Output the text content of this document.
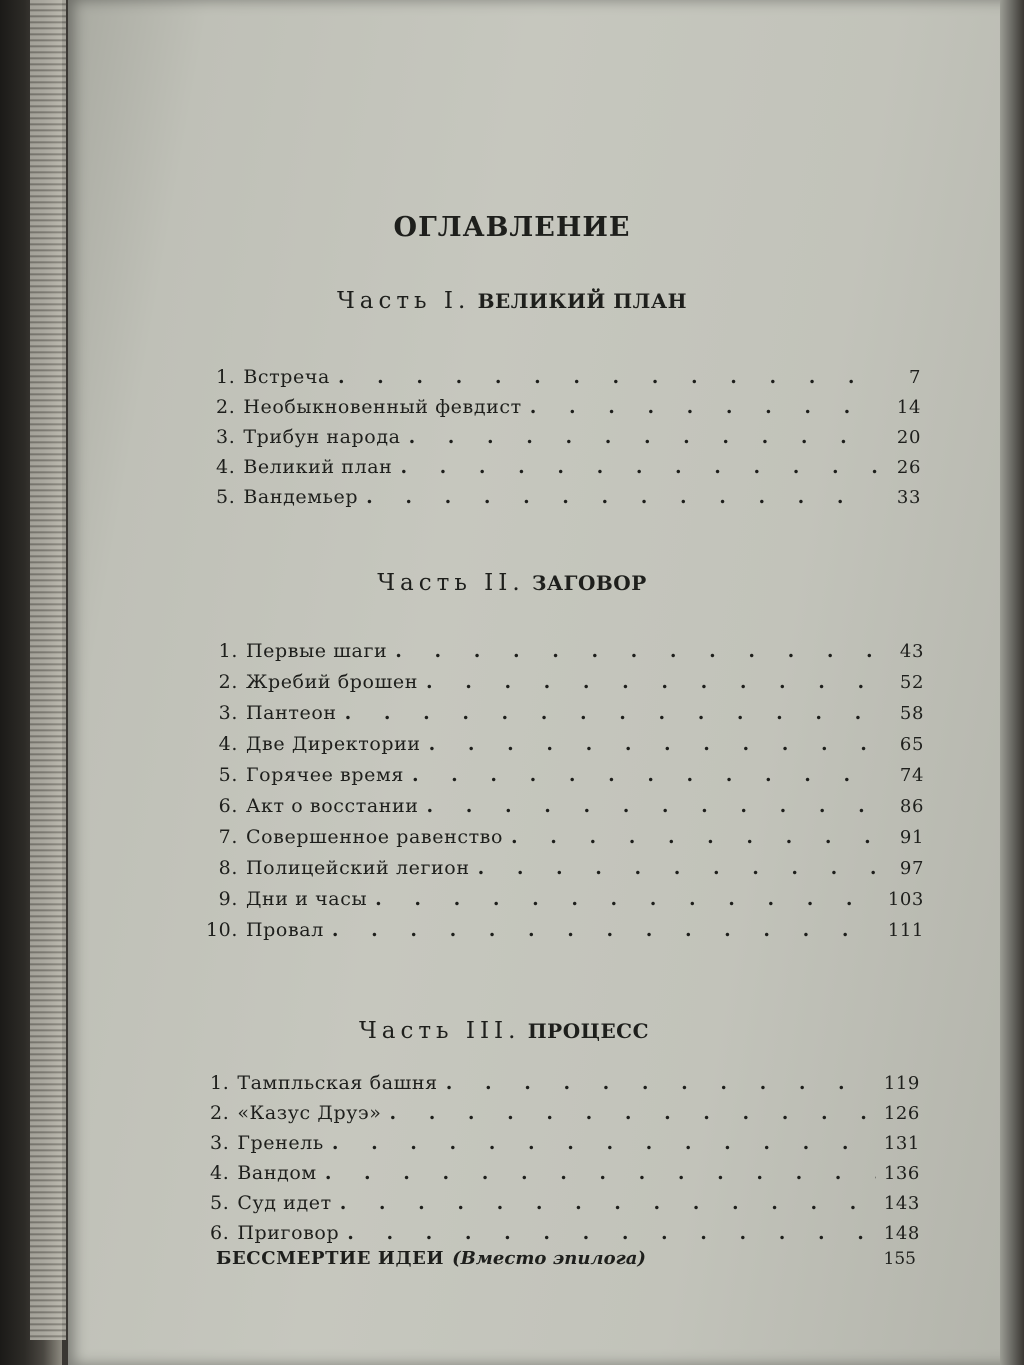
ОГЛАВЛЕНИЕ
Часть I. ВЕЛИКИЙ ПЛАН
1. Встреча . . .	7
2. Необыкновенный февдист . . .	14
3. Трибун народа . . .	20
4. Великий план . . .	26
5. Вандемьер . . .	33
Часть II. ЗАГОВОР
1. Первые шаги . . .	43
2. Жребий брошен . . .	52
3. Пантеон . . .	58
4. Две Директории . . .	65
5. Горячее время . . .	74
6. Акт о восстании . . .	86
7. Совершенное равенство . . .	91
8. Полицейский легион . . .	97
9. Дни и часы . . .	103
10. Провал . . .	111
Часть III. ПРОЦЕСС
1. Тампльская башня . . .	119
2. «Казус Друэ» . . .	126
3. Гренель . . .	131
4. Вандом . . .	136
5. Суд идет . . .	143
6. Приговор . . .	148
БЕССМЕРТИЕ ИДЕИ (Вместо эпилога)	155
